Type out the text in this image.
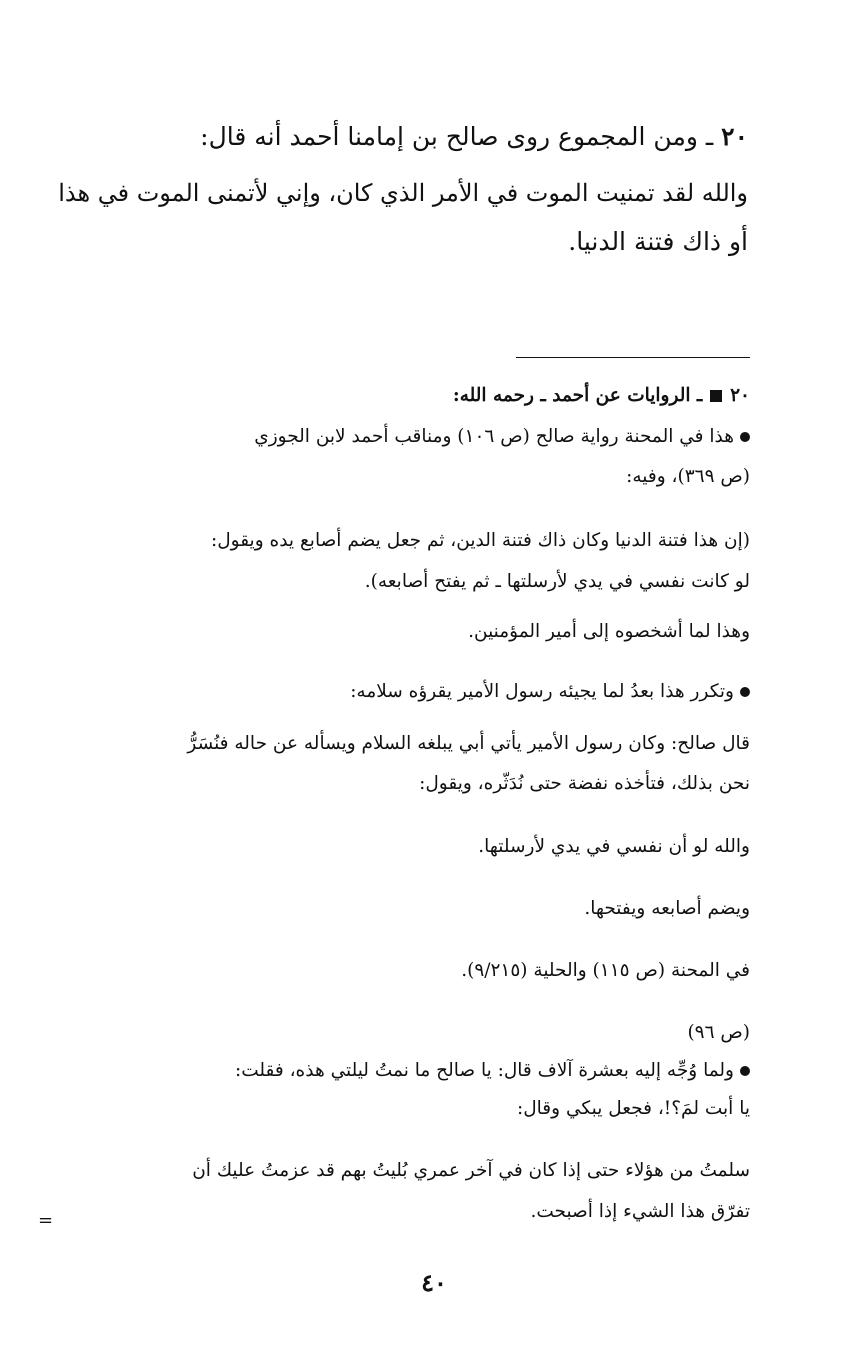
٢٠ ـ ومن المجموع روى صالح بن إمامنا أحمد أنه قال:
والله لقد تمنيت الموت في الأمر الذي كان، وإني لأتمنى الموت في هذا
أو ذاك فتنة الدنيا.
٢٠  ـ الروايات عن أحمد ـ رحمه الله:
هذا في المحنة رواية صالح (ص ١٠٦) ومناقب أحمد لابن الجوزي
(ص ٣٦٩)، وفيه:
(إن هذا فتنة الدنيا وكان ذاك فتنة الدين، ثم جعل يضم أصابع يده ويقول:
لو كانت نفسي في يدي لأرسلتها ـ ثم يفتح أصابعه).
وهذا لما أشخصوه إلى أمير المؤمنين.
وتكرر هذا بعدُ لما يجيئه رسول الأمير يقرؤه سلامه:
قال صالح: وكان رسول الأمير يأتي أبي يبلغه السلام ويسأله عن حاله فنُسَرُّ
نحن بذلك، فتأخذه نفضة حتى نُدَثّره، ويقول:
والله لو أن نفسي في يدي لأرسلتها.
ويضم أصابعه ويفتحها.
في المحنة (ص ١١٥) والحلية (٩/٢١٥).
(ص ٩٦)
ولما وُجِّه إليه بعشرة آلاف قال: يا صالح ما نمتُ ليلتي هذه، فقلت:
يا أبت لمَ؟!، فجعل يبكي وقال:
سلمتُ من هؤلاء حتى إذا كان في آخر عمري بُليتُ بهم قد عزمتُ عليك أن
تفرّق هذا الشيء إذا أصبحت.
=
٤٠
